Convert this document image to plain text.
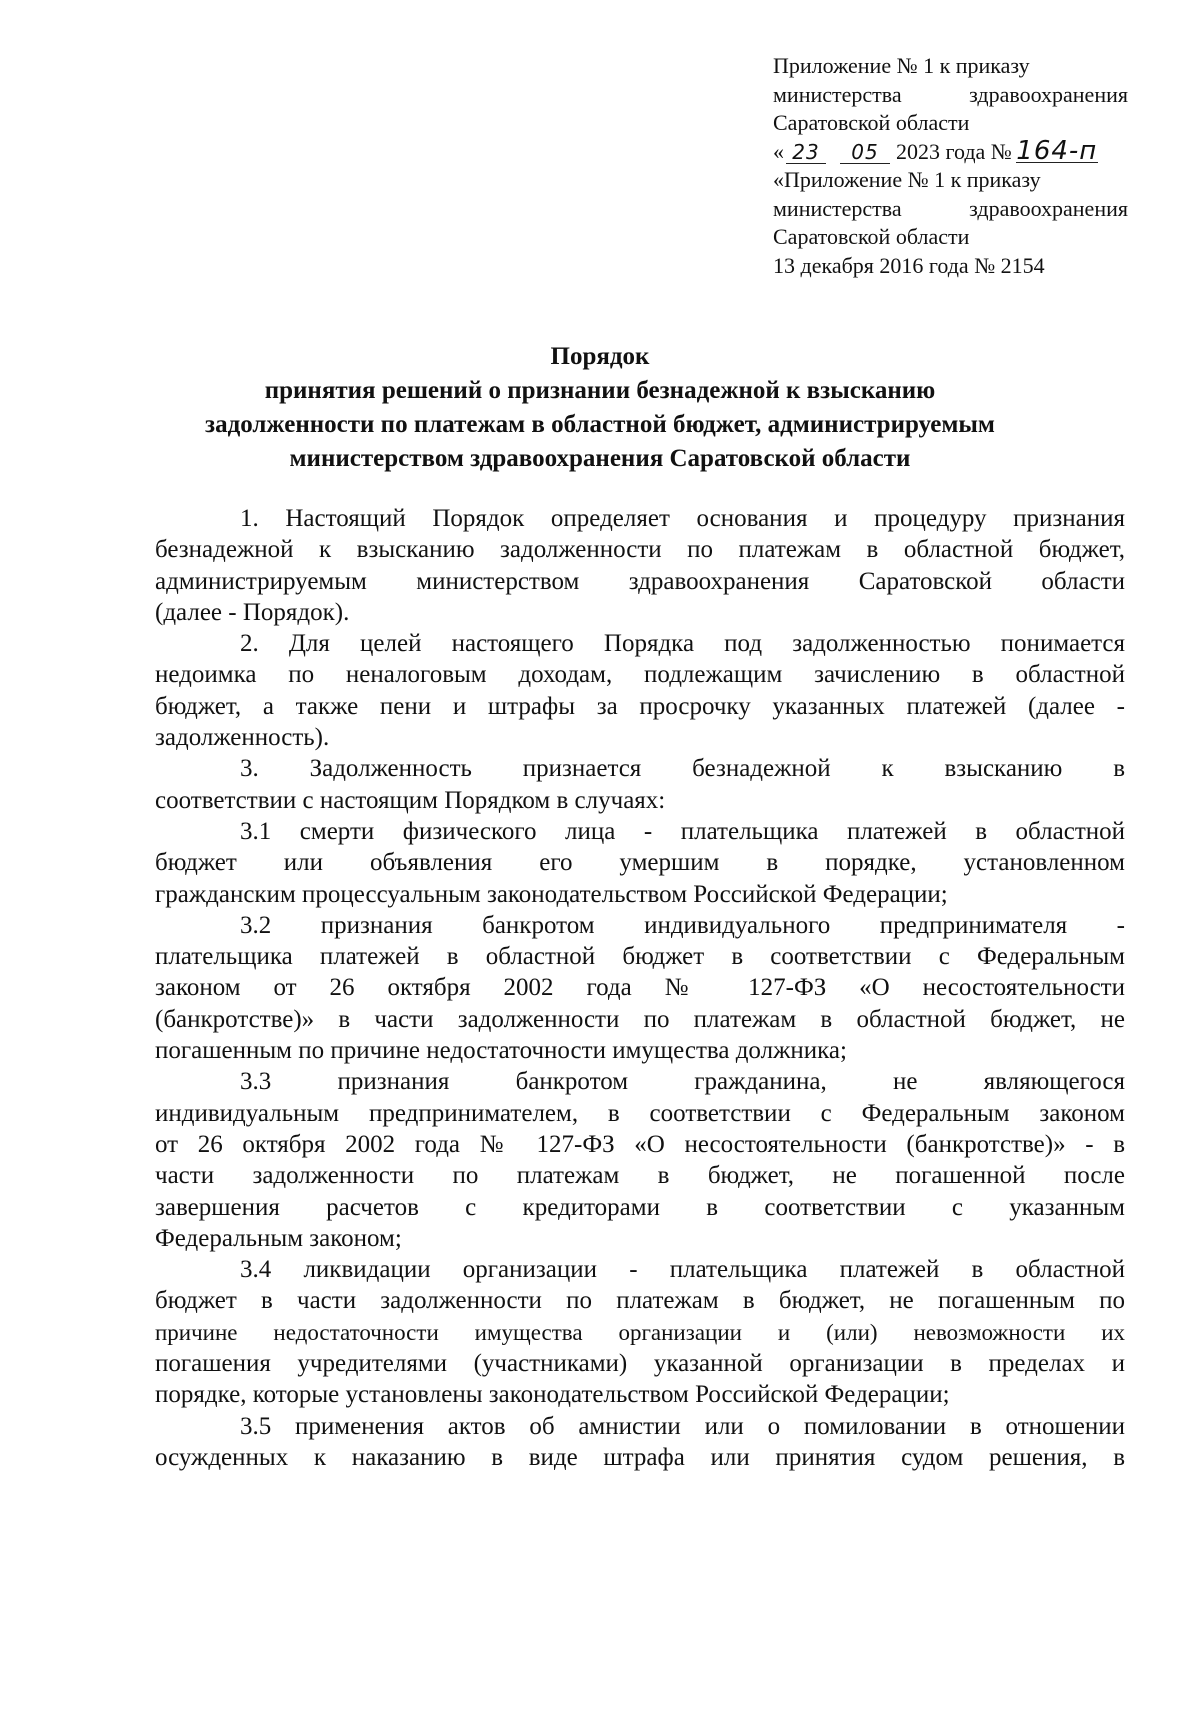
Приложение № 1 к приказу
министерства	здравоохранения
Саратовской области
« 23	05 2023 года № 164-п
«Приложение № 1 к приказу
министерства	здравоохранения
Саратовской области
13 декабря 2016 года № 2154
Порядок
принятия решений о признании безнадежной к взысканию
задолженности по платежам в областной бюджет, администрируемым
министерством здравоохранения Саратовской области
1. Настоящий Порядок определяет основания и процедуру признания
безнадежной к взысканию задолженности по платежам в областной бюджет,
администрируемым министерством здравоохранения Саратовской области
(далее - Порядок).
2. Для целей настоящего Порядка под задолженностью понимается
недоимка по неналоговым доходам, подлежащим зачислению в областной
бюджет, а также пени и штрафы за просрочку указанных платежей (далее -
задолженность).
3. Задолженность признается безнадежной к взысканию в
соответствии с настоящим Порядком в случаях:
3.1 смерти физического лица - плательщика платежей в областной
бюджет или объявления его умершим в порядке, установленном
гражданским процессуальным законодательством Российской Федерации;
3.2 признания банкротом индивидуального предпринимателя -
плательщика платежей в областной бюджет в соответствии с Федеральным
законом от 26 октября 2002 года № 127-ФЗ «О несостоятельности
(банкротстве)» в части задолженности по платежам в областной бюджет, не
погашенным по причине недостаточности имущества должника;
3.3 признания банкротом гражданина, не являющегося
индивидуальным предпринимателем, в соответствии с Федеральным законом
от 26 октября 2002 года № 127-ФЗ «О несостоятельности (банкротстве)» - в
части задолженности по платежам в бюджет, не погашенной после
завершения расчетов с кредиторами в соответствии с указанным
Федеральным законом;
3.4 ликвидации организации - плательщика платежей в областной
бюджет в части задолженности по платежам в бюджет, не погашенным по
причине недостаточности имущества организации и (или) невозможности их
погашения учредителями (участниками) указанной организации в пределах и
порядке, которые установлены законодательством Российской Федерации;
3.5 применения актов об амнистии или о помиловании в отношении
осужденных к наказанию в виде штрафа или принятия судом решения, в
